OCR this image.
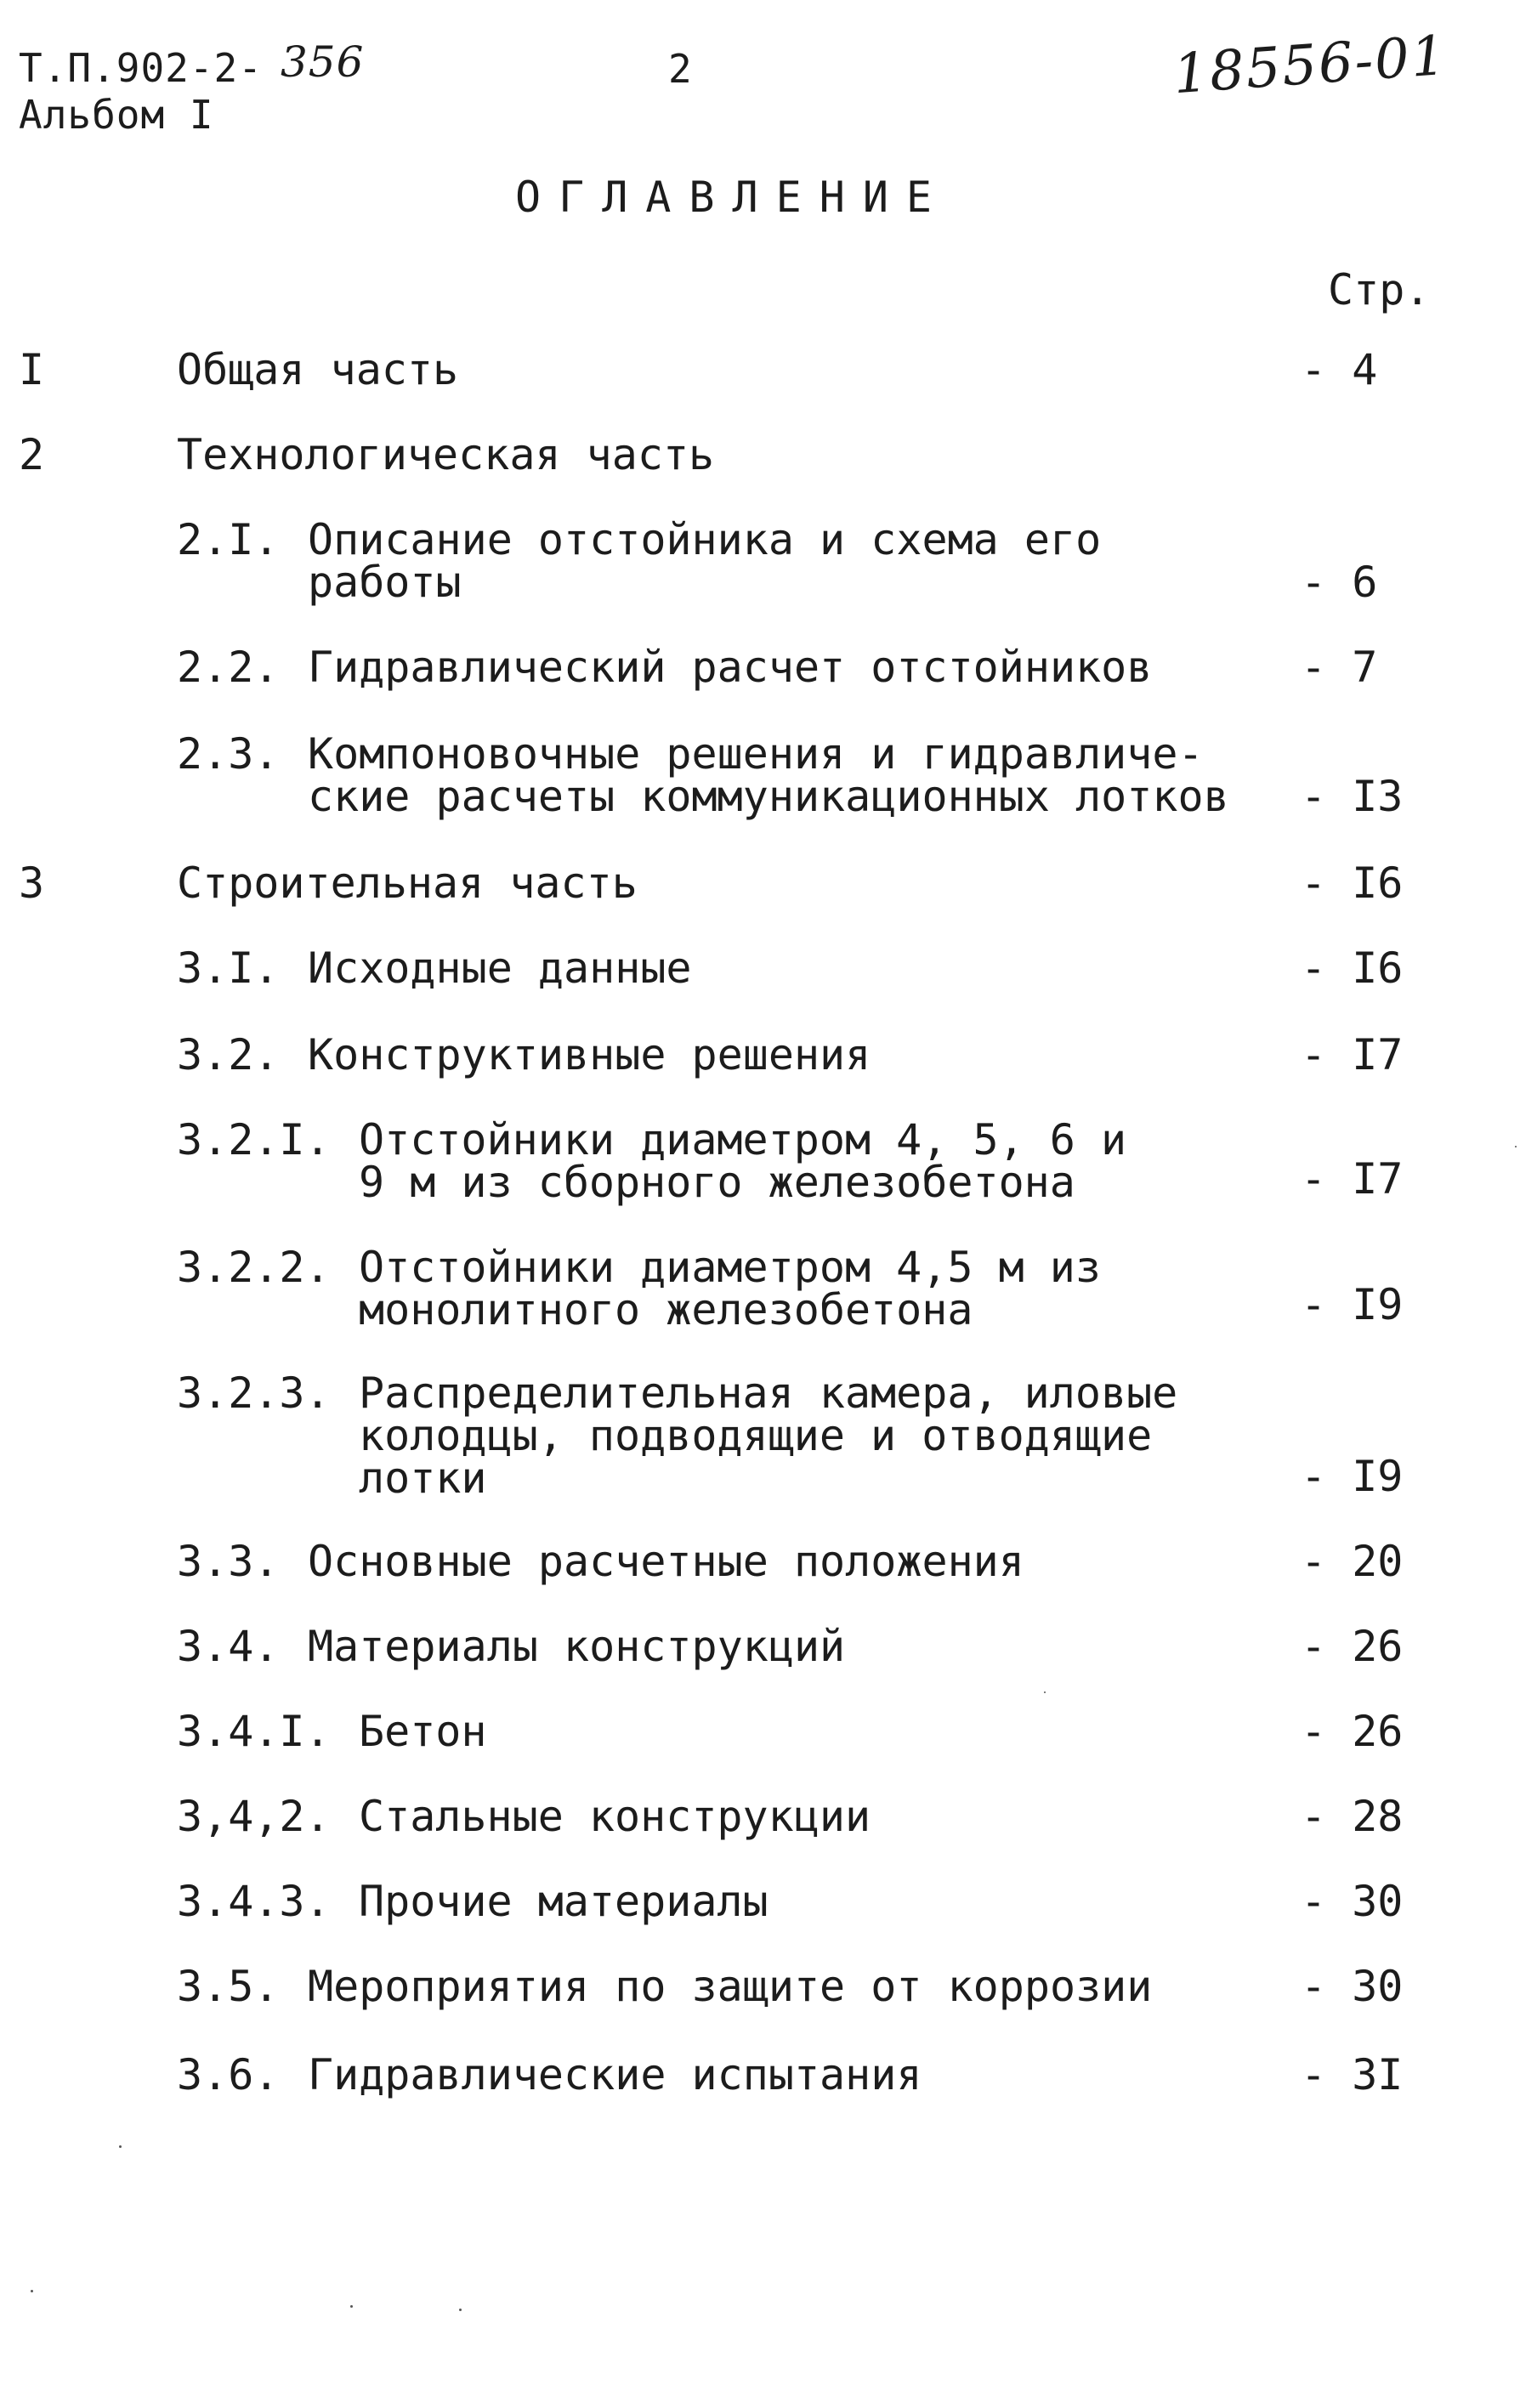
Т.П.902-2- 356
Альбом I
2	18556-01
ОГЛАВЛЕНИЕ
Стр.
I	Общая часть	- 4
2	Технологическая часть
2.I. Описание отстойника и схема его
работы	- 6
2.2. Гидравлический расчет отстойников	- 7
2.3. Компоновочные решения и гидравличе-
ские расчеты коммуникационных лотков - I3
3	Строительная часть	- I6
3.I. Исходные данные	- I6
3.2. Конструктивные решения	- I7
3.2.I. Отстойники диаметром 4, 5, 6 и
9 м из сборного железобетона	- I7
3.2.2. Отстойники диаметром 4,5 м из
монолитного железобетона	- I9
3.2.3. Распределительная камера, иловые
колодцы, подводящие и отводящие
лотки	- I9
3.3. Основные расчетные положения	- 20
3.4. Материалы конструкций	- 26
3.4.I. Бетон	- 26
3,4,2. Стальные конструкции	- 28
3.4.3. Прочие материалы	- 30
3.5. Мероприятия по защите от коррозии	- 30
3.6. Гидравлические испытания	- 3I
